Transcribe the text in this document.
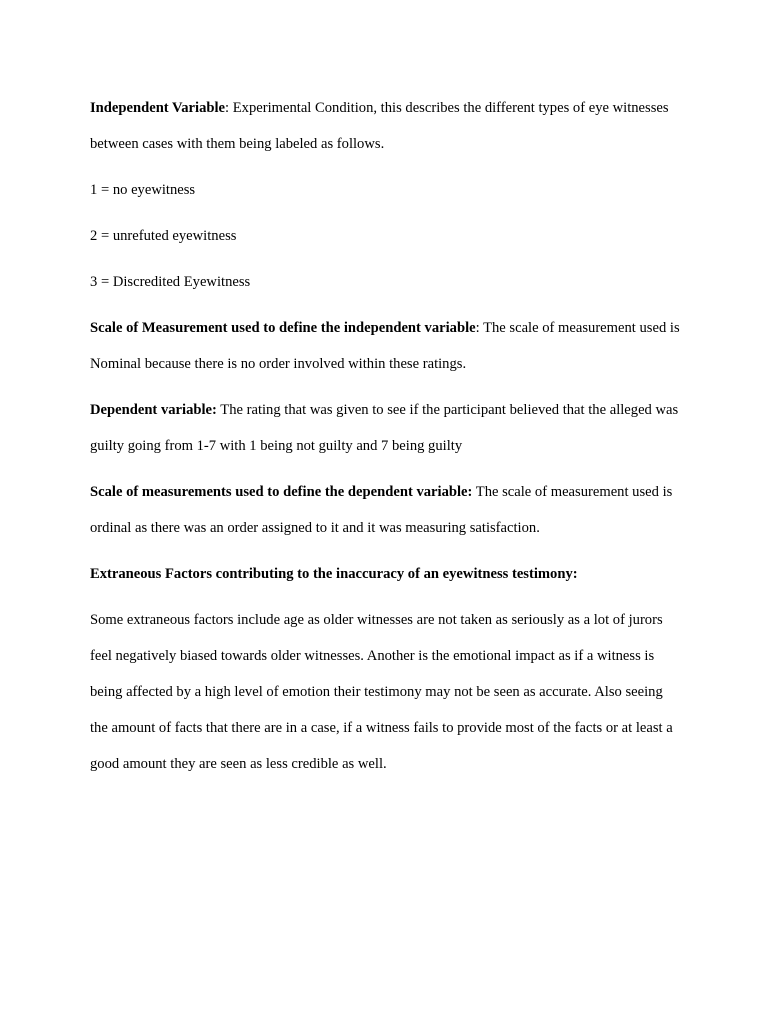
Independent Variable: Experimental Condition, this describes the different types of eye witnesses between cases with them being labeled as follows.

1 = no eyewitness

2 = unrefuted eyewitness

3 = Discredited Eyewitness

Scale of Measurement used to define the independent variable: The scale of measurement used is Nominal because there is no order involved within these ratings.

Dependent variable: The rating that was given to see if the participant believed that the alleged was guilty going from 1-7 with 1 being not guilty and 7 being guilty

Scale of measurements used to define the dependent variable: The scale of measurement used is ordinal as there was an order assigned to it and it was measuring satisfaction.

Extraneous Factors contributing to the inaccuracy of an eyewitness testimony:

Some extraneous factors include age as older witnesses are not taken as seriously as a lot of jurors feel negatively biased towards older witnesses. Another is the emotional impact as if a witness is being affected by a high level of emotion their testimony may not be seen as accurate. Also seeing the amount of facts that there are in a case, if a witness fails to provide most of the facts or at least a good amount they are seen as less credible as well.
